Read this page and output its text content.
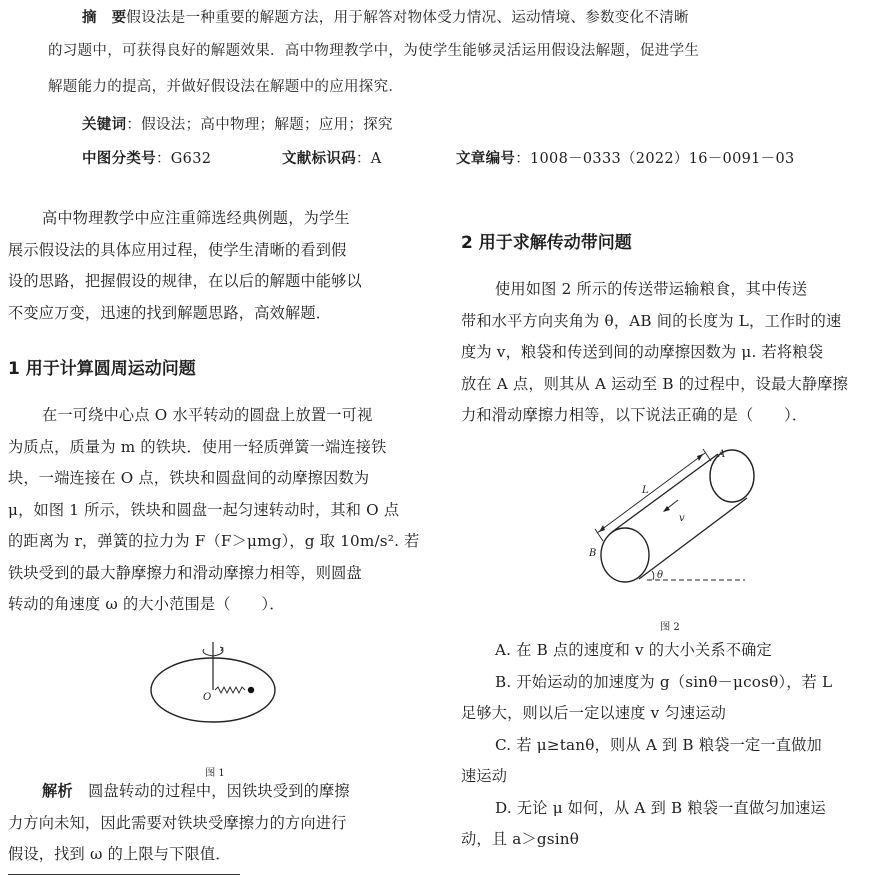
摘　要假设法是一种重要的解题方法，用于解答对物体受力情况、运动情境、参数变化不清晰
的习题中，可获得良好的解题效果．高中物理教学中，为使学生能够灵活运用假设法解题，促进学生
解题能力的提高，并做好假设法在解题中的应用探究．
关键词：假设法；高中物理；解题；应用；探究
中图分类号：G632	文献标识码：A	文章编号：1008－0333（2022）16－0091－03

高中物理教学中应注重筛选经典例题，为学生

展示假设法的具体应用过程，使学生清晰的看到假

设的思路，把握假设的规律，在以后的解题中能够以

不变应万变，迅速的找到解题思路，高效解题．

1 用于计算圆周运动问题

在一可绕中心点 O 水平转动的圆盘上放置一可视

为质点，质量为 m 的铁块．使用一轻质弹簧一端连接铁

块，一端连接在 O 点，铁块和圆盘间的动摩擦因数为

μ，如图 1 所示，铁块和圆盘一起匀速转动时，其和 O 点

的距离为 r，弹簧的拉力为 F（F＞μmg），g 取 10m/s². 若

铁块受到的最大静摩擦力和滑动摩擦力相等，则圆盘

转动的角速度 ω 的大小范围是（　　）．

O
图 1

解析　圆盘转动的过程中，因铁块受到的摩擦

力方向未知，因此需要对铁块受摩擦力的方向进行

假设，找到 ω 的上限与下限值．

2 用于求解传动带问题

使用如图 2 所示的传送带运输粮食，其中传送

带和水平方向夹角为 θ，AB 间的长度为 L，工作时的速

度为 v，粮袋和传送到间的动摩擦因数为 μ. 若将粮袋

放在 A 点，则其从 A 运动至 B 的过程中，设最大静摩擦

力和滑动摩擦力相等，以下说法正确的是（　　）．

A
B
L
v
θ
图 2
A. 在 B 点的速度和 v 的大小关系不确定
B. 开始运动的加速度为 g（sinθ－μcosθ），若 L
足够大，则以后一定以速度 v 匀速运动
C. 若 μ≥tanθ，则从 A 到 B 粮袋一定一直做加
速运动
D. 无论 μ 如何，从 A 到 B 粮袋一直做匀加速运
动，且 a＞gsinθ
